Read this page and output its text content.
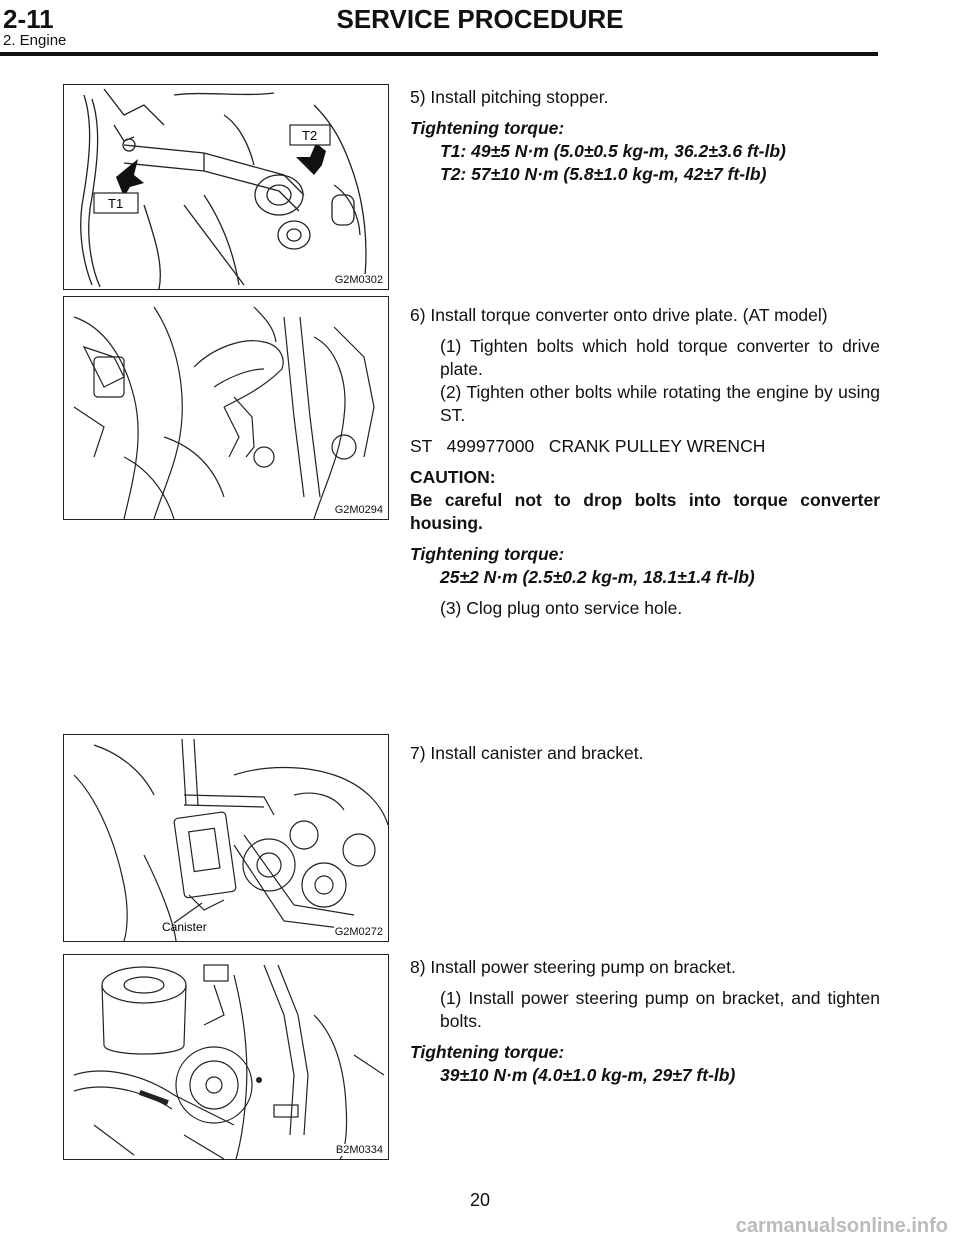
2-11	SERVICE PROCEDURE
2. Engine
T1
T2
G2M0302

5) Install pitching stopper.

Tightening torque:

T1: 49±5 N·m (5.0±0.5 kg-m, 36.2±3.6 ft-lb)

T2: 57±10 N·m (5.8±1.0 kg-m, 42±7 ft-lb)

G2M0294

6) Install torque converter onto drive plate. (AT model)

(1) Tighten bolts which hold torque converter to drive plate.

(2) Tighten other bolts while rotating the engine by using ST.

ST   499977000   CRANK PULLEY WRENCH

CAUTION:

Be careful not to drop bolts into torque converter housing.

Tightening torque:

25±2 N·m (2.5±0.2 kg-m, 18.1±1.4 ft-lb)

(3) Clog plug onto service hole.

Canister	G2M0272

7) Install canister and bracket.

B2M0334

8) Install power steering pump on bracket.

(1) Install power steering pump on bracket, and tighten bolts.

Tightening torque:

39±10 N·m (4.0±1.0 kg-m, 29±7 ft-lb)

20
carmanualsonline.info
